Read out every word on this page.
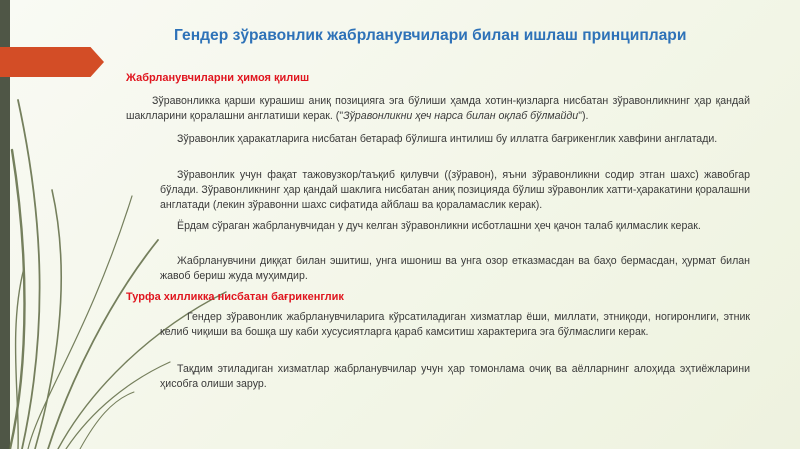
Гендер зўравонлик жабрланувчилари билан ишлаш принциплари
Жабрланувчиларни ҳимоя қилиш
Зўравонликка қарши курашиш аниқ позицияга эга бўлиши ҳамда хотин-қизларга нисбатан зўравонликнинг ҳар қандай шаклларини қоралашни англатиши керак. ("Зўравонликни ҳеч нарса билан оқлаб бўлмайди").
Зўравонлик ҳаракатларига нисбатан бетараф бўлишга интилиш бу иллатга бағрикенглик хавфини англатади.
Зўравонлик учун фақат тажовузкор/таъқиб қилувчи ((зўравон), яъни зўравонликни содир этган шахс) жавобгар бўлади. Зўравонликнинг ҳар қандай шаклига нисбатан аниқ позицияда бўлиш зўравонлик хатти-ҳаракатини қоралашни англатади (лекин зўравонни шахс сифатида айблаш ва қораламаслик керак).
Ёрдам сўраган жабрланувчидан у дуч келган зўравонликни исботлашни ҳеч қачон талаб қилмаслик керак.
Жабрланувчини диққат билан эшитиш, унга ишониш ва унга озор етказмасдан ва баҳо бермасдан, ҳурмат билан жавоб бериш жуда муҳимдир.
Турфа хилликка нисбатан бағрикенглик
Гендер зўравонлик жабрланувчиларига кўрсатиладиган хизматлар ёши, миллати, этниқоди, ногиронлиги, этник келиб чиқиши ва бошқа шу каби хусусиятларга қараб камситиш характерига эга бўлмаслиги керак.
Тақдим этиладиган хизматлар жабрланувчилар учун ҳар томонлама очиқ ва аёлларнинг алоҳида эҳтиёжларини ҳисобга олиши зарур.
